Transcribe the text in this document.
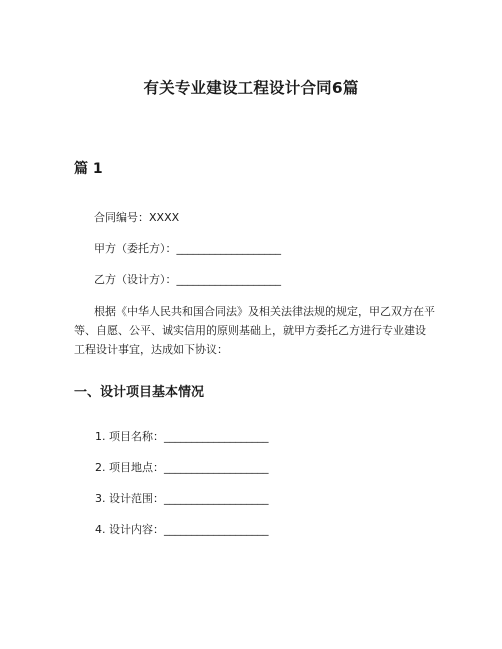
有关专业建设工程设计合同6篇
篇 1
合同编号：XXXX
甲方（委托方）：___________________
乙方（设计方）：___________________
根据《中华人民共和国合同法》及相关法律法规的规定，甲乙双方在平等、自愿、公平、诚实信用的原则基础上，就甲方委托乙方进行专业建设工程设计事宜，达成如下协议：
一、设计项目基本情况
1. 项目名称：___________________
2. 项目地点：___________________
3. 设计范围：___________________
4. 设计内容：___________________
